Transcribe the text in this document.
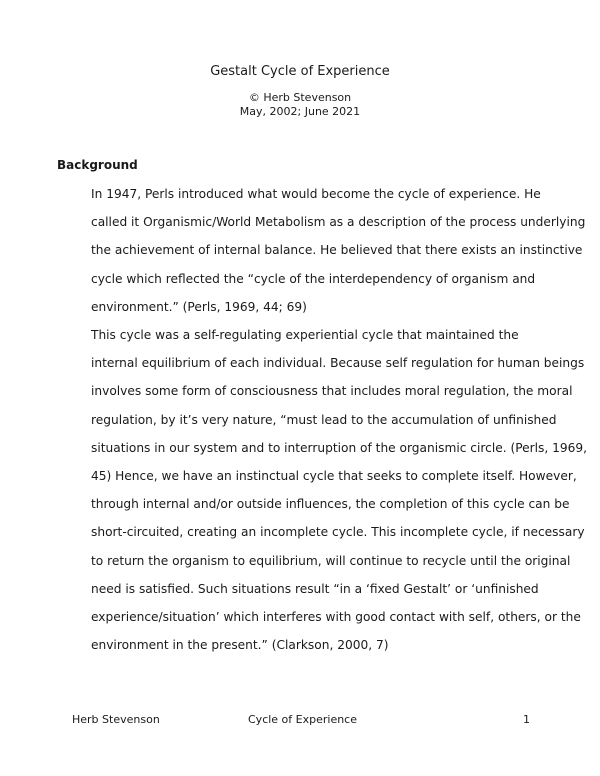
Gestalt Cycle of Experience
© Herb Stevenson
May, 2002; June 2021
Background

In 1947, Perls introduced what would become the cycle of experience. He
called it Organismic/World Metabolism as a description of the process underlying
the achievement of internal balance. He believed that there exists an instinctive
cycle which reflected the “cycle of the interdependency of organism and
environment.” (Perls, 1969, 44; 69)

This cycle was a self-regulating experiential cycle that maintained the
internal equilibrium of each individual. Because self regulation for human beings
involves some form of consciousness that includes moral regulation, the moral
regulation, by it’s very nature, “must lead to the accumulation of unfinished
situations in our system and to interruption of the organismic circle. (Perls, 1969,
45) Hence, we have an instinctual cycle that seeks to complete itself. However,
through internal and/or outside influences, the completion of this cycle can be
short-circuited, creating an incomplete cycle. This incomplete cycle, if necessary
to return the organism to equilibrium, will continue to recycle until the original
need is satisfied. Such situations result “in a ‘fixed Gestalt’ or ‘unfinished
experience/situation’ which interferes with good contact with self, others, or the
environment in the present.” (Clarkson, 2000, 7)

Herb Stevenson	Cycle of Experience	1
